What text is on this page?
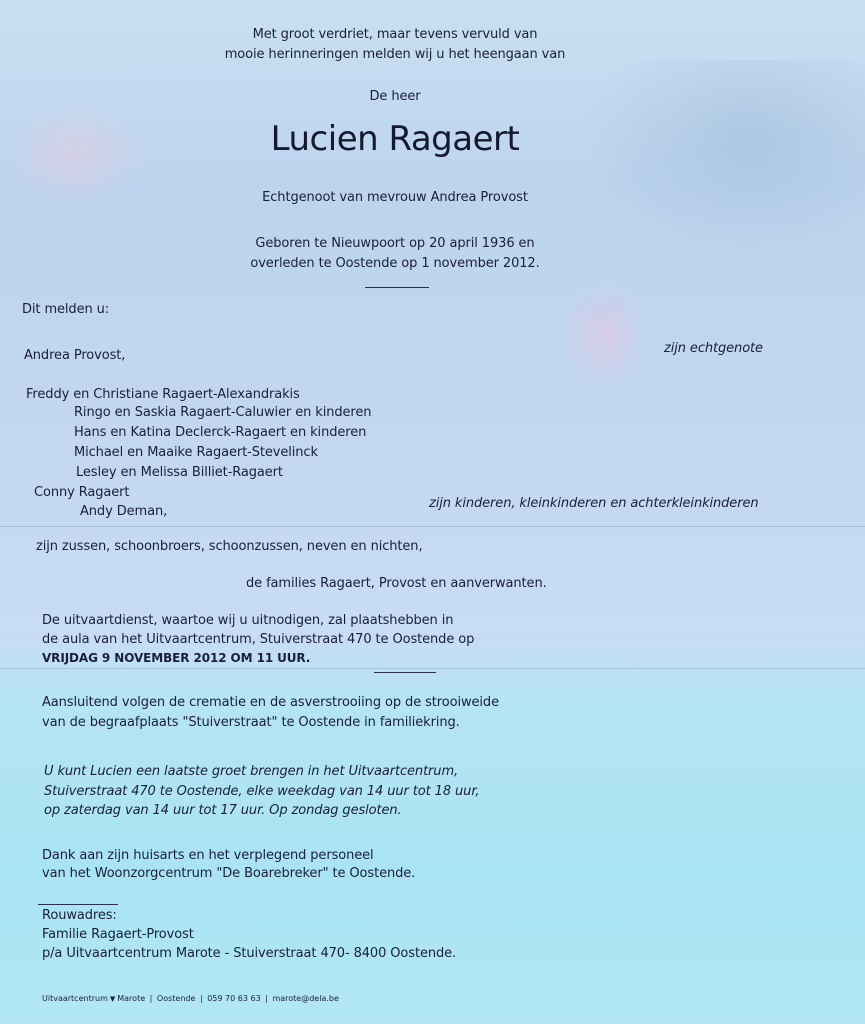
Met groot verdriet, maar tevens vervuld van
mooie herinneringen melden wij u het heengaan van
De heer
Lucien Ragaert
Echtgenoot van mevrouw Andrea Provost
Geboren te Nieuwpoort op 20 april 1936 en
overleden te Oostende op 1 november 2012.
Dit melden u:
Andrea Provost,	zijn echtgenote
Freddy en Christiane Ragaert-Alexandrakis
Ringo en Saskia Ragaert-Caluwier en kinderen
Hans en Katina Declerck-Ragaert en kinderen
Michael en Maaike Ragaert-Stevelinck
Lesley en Melissa Billiet-Ragaert
Conny Ragaert
Andy Deman,
zijn kinderen, kleinkinderen en achterkleinkinderen
zijn zussen, schoonbroers, schoonzussen, neven en nichten,
de families Ragaert, Provost en aanverwanten.
De uitvaartdienst, waartoe wij u uitnodigen, zal plaatshebben in
de aula van het Uitvaartcentrum, Stuiverstraat 470 te Oostende op
VRIJDAG 9 NOVEMBER 2012 OM 11 UUR.
Aansluitend volgen de crematie en de asverstrooiing op de strooiweide
van de begraafplaats "Stuiverstraat" te Oostende in familiekring.
U kunt Lucien een laatste groet brengen in het Uitvaartcentrum,
Stuiverstraat 470 te Oostende, elke weekdag van 14 uur tot 18 uur,
op zaterdag van 14 uur tot 17 uur. Op zondag gesloten.
Dank aan zijn huisarts en het verplegend personeel
van het Woonzorgcentrum "De Boarebreker" te Oostende.
Rouwadres:
Familie Ragaert-Provost
p/a Uitvaartcentrum Marote - Stuiverstraat 470- 8400 Oostende.
Uitvaartcentrum ▼ Marote | Oostende | 059 70 63 63 | marote@dela.be
